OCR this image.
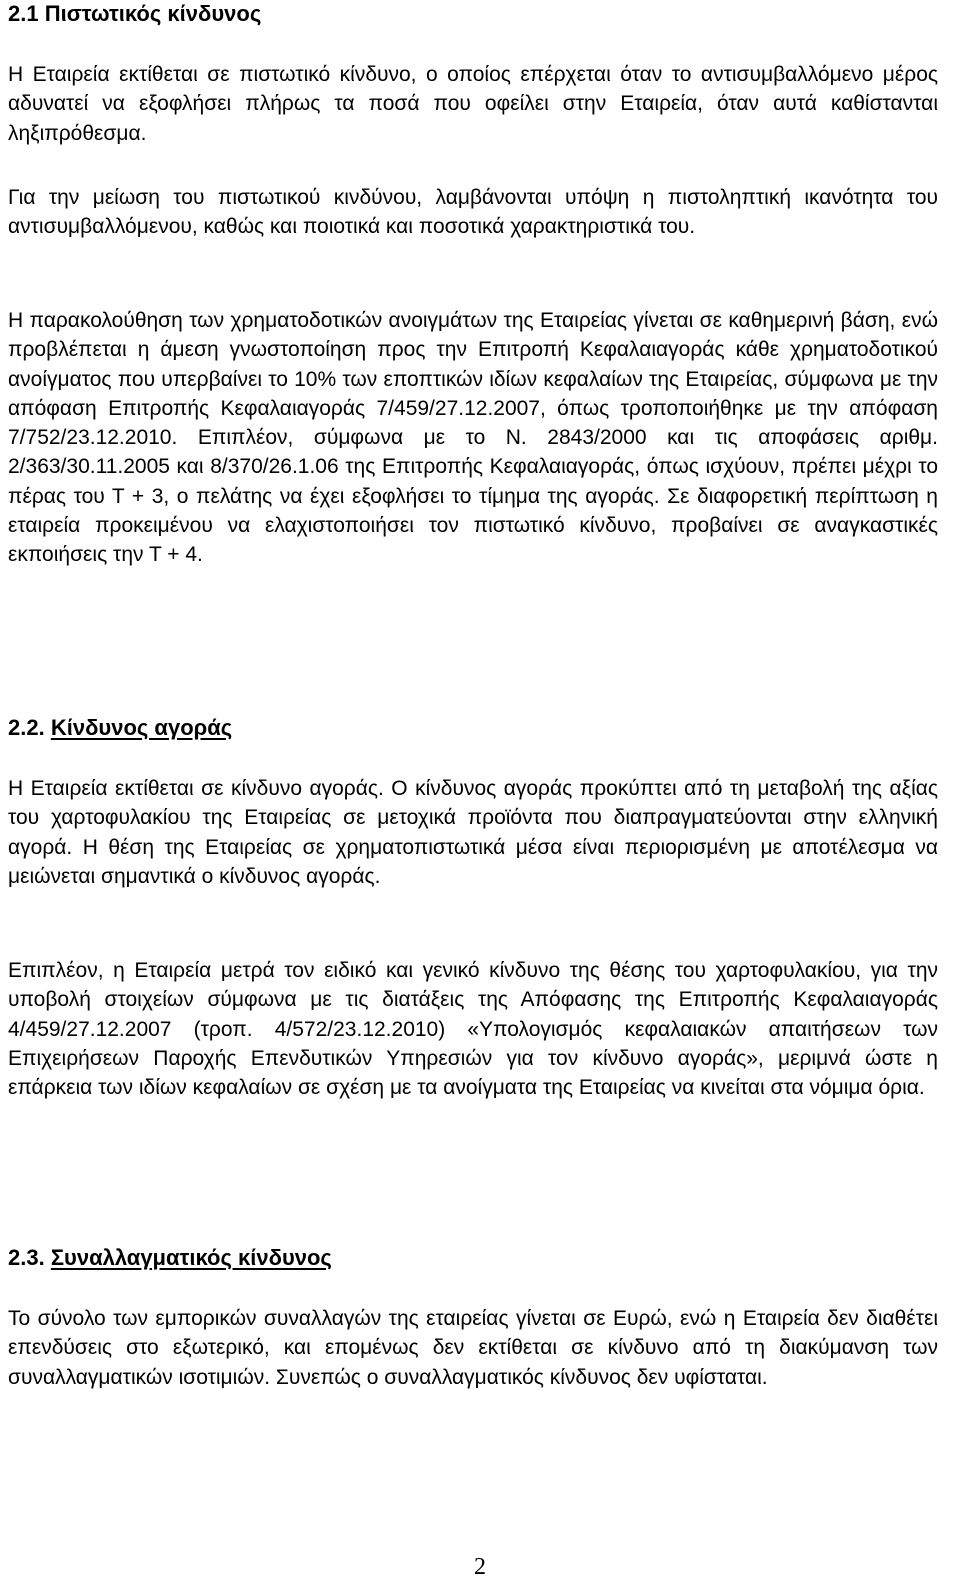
2.1 Πιστωτικός κίνδυνος

Η Εταιρεία εκτίθεται σε πιστωτικό κίνδυνο, ο οποίος επέρχεται όταν το αντισυμβαλλόμενο μέρος αδυνατεί να εξοφλήσει πλήρως τα ποσά που οφείλει στην Εταιρεία, όταν αυτά καθίστανται ληξιπρόθεσμα.

Για την μείωση του πιστωτικού κινδύνου, λαμβάνονται υπόψη η πιστοληπτική ικανότητα του αντισυμβαλλόμενου, καθώς και ποιοτικά και ποσοτικά χαρακτηριστικά του.

Η παρακολούθηση των χρηματοδοτικών ανοιγμάτων της Εταιρείας γίνεται σε καθημερινή βάση, ενώ προβλέπεται η άμεση γνωστοποίηση προς την Επιτροπή Κεφαλαιαγοράς κάθε χρηματοδοτικού ανοίγματος που υπερβαίνει το 10% των εποπτικών ιδίων κεφαλαίων της Εταιρείας, σύμφωνα με την απόφαση Επιτροπής Κεφαλαιαγοράς 7/459/27.12.2007, όπως τροποποιήθηκε με την απόφαση 7/752/23.12.2010. Επιπλέον, σύμφωνα με το Ν. 2843/2000 και τις αποφάσεις αριθμ. 2/363/30.11.2005 και 8/370/26.1.06 της Επιτροπής Κεφαλαιαγοράς, όπως ισχύουν, πρέπει μέχρι το πέρας του Τ + 3, ο πελάτης να έχει εξοφλήσει το τίμημα της αγοράς. Σε διαφορετική περίπτωση η εταιρεία προκειμένου να ελαχιστοποιήσει τον πιστωτικό κίνδυνο, προβαίνει σε αναγκαστικές εκποιήσεις την Τ + 4.

2.2. Κίνδυνος αγοράς

Η Εταιρεία εκτίθεται σε κίνδυνο αγοράς. Ο κίνδυνος αγοράς προκύπτει από τη μεταβολή της αξίας του χαρτοφυλακίου της Εταιρείας σε μετοχικά προϊόντα που διαπραγματεύονται στην ελληνική αγορά. Η θέση της Εταιρείας σε χρηματοπιστωτικά μέσα είναι περιορισμένη με αποτέλεσμα να μειώνεται σημαντικά ο κίνδυνος αγοράς.

Επιπλέον, η Εταιρεία μετρά τον ειδικό και γενικό κίνδυνο της θέσης του χαρτοφυλακίου, για την υποβολή στοιχείων σύμφωνα με τις διατάξεις της Απόφασης της Επιτροπής Κεφαλαιαγοράς 4/459/27.12.2007 (τροπ. 4/572/23.12.2010) «Υπολογισμός κεφαλαιακών απαιτήσεων των Επιχειρήσεων Παροχής Επενδυτικών Υπηρεσιών για τον κίνδυνο αγοράς», μεριμνά ώστε η επάρκεια των ιδίων κεφαλαίων σε σχέση με τα ανοίγματα της Εταιρείας να κινείται στα νόμιμα όρια.

2.3. Συναλλαγματικός κίνδυνος

Το σύνολο των εμπορικών συναλλαγών της εταιρείας γίνεται σε Ευρώ, ενώ η Εταιρεία δεν διαθέτει επενδύσεις στο εξωτερικό, και επομένως δεν εκτίθεται σε κίνδυνο από τη διακύμανση των συναλλαγματικών ισοτιμιών. Συνεπώς ο συναλλαγματικός κίνδυνος δεν υφίσταται.

2
